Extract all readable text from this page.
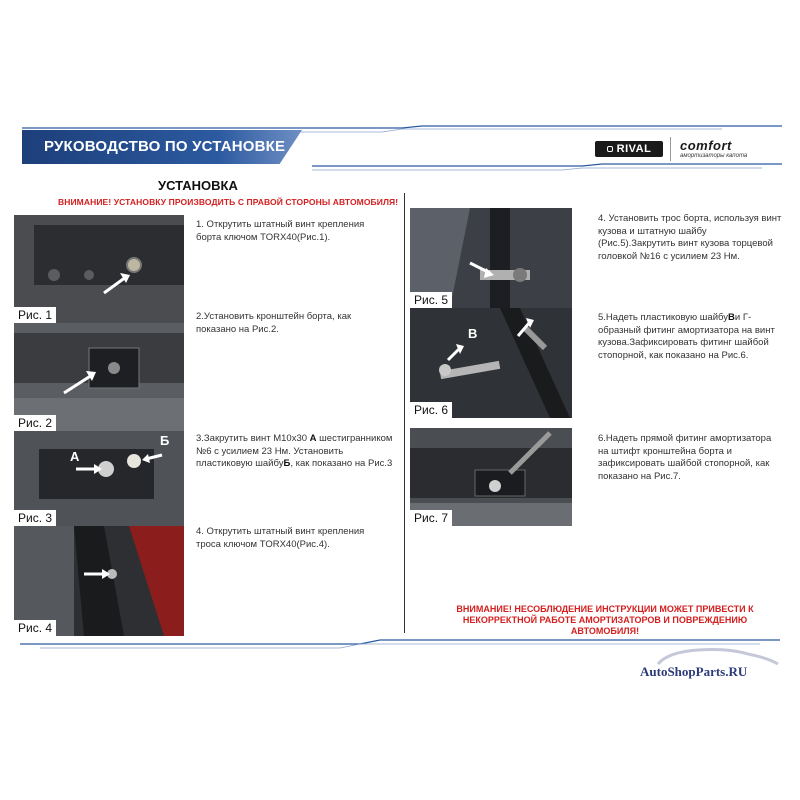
РУКОВОДСТВО ПО УСТАНОВКЕ	RIVAL comfort
амортизаторы капота
УСТАНОВКА
ВНИМАНИЕ! УСТАНОВКУ ПРОИЗВОДИТЬ С ПРАВОЙ СТОРОНЫ АВТОМОБИЛЯ!
Рис. 1
Рис. 2
А
Б
Рис. 3
Рис. 4
1. Открутить штатный винт крепления борта ключом TORX40(Рис.1).
2.Установить кронштейн борта, как показано на Рис.2.
3.Закрутить винт М10х30 А шестигранником №6 с усилием 23 Нм. Установить пластиковую шайбуБ, как показано на Рис.3
4. Открутить штатный винт крепления троса ключом TORX40(Рис.4).
Рис. 5
В
Рис. 6
Рис. 7
4. Установить трос борта, используя винт кузова и штатную шайбу (Рис.5).Закрутить винт кузова торцевой головкой №16 с усилием 23 Нм.
5.Надеть пластиковую шайбуВи Г-образный фитинг амортизатора на винт кузова.Зафиксировать фитинг шайбой стопорной, как показано на Рис.6.
6.Надеть прямой фитинг амортизатора на штифт кронштейна борта и зафиксировать шайбой стопорной, как показано на Рис.7.
ВНИМАНИЕ! НЕСОБЛЮДЕНИЕ ИНСТРУКЦИИ МОЖЕТ ПРИВЕСТИ К НЕКОРРЕКТНОЙ РАБОТЕ АМОРТИЗАТОРОВ И ПОВРЕЖДЕНИЮ АВТОМОБИЛЯ!
AutoShopParts.RU
